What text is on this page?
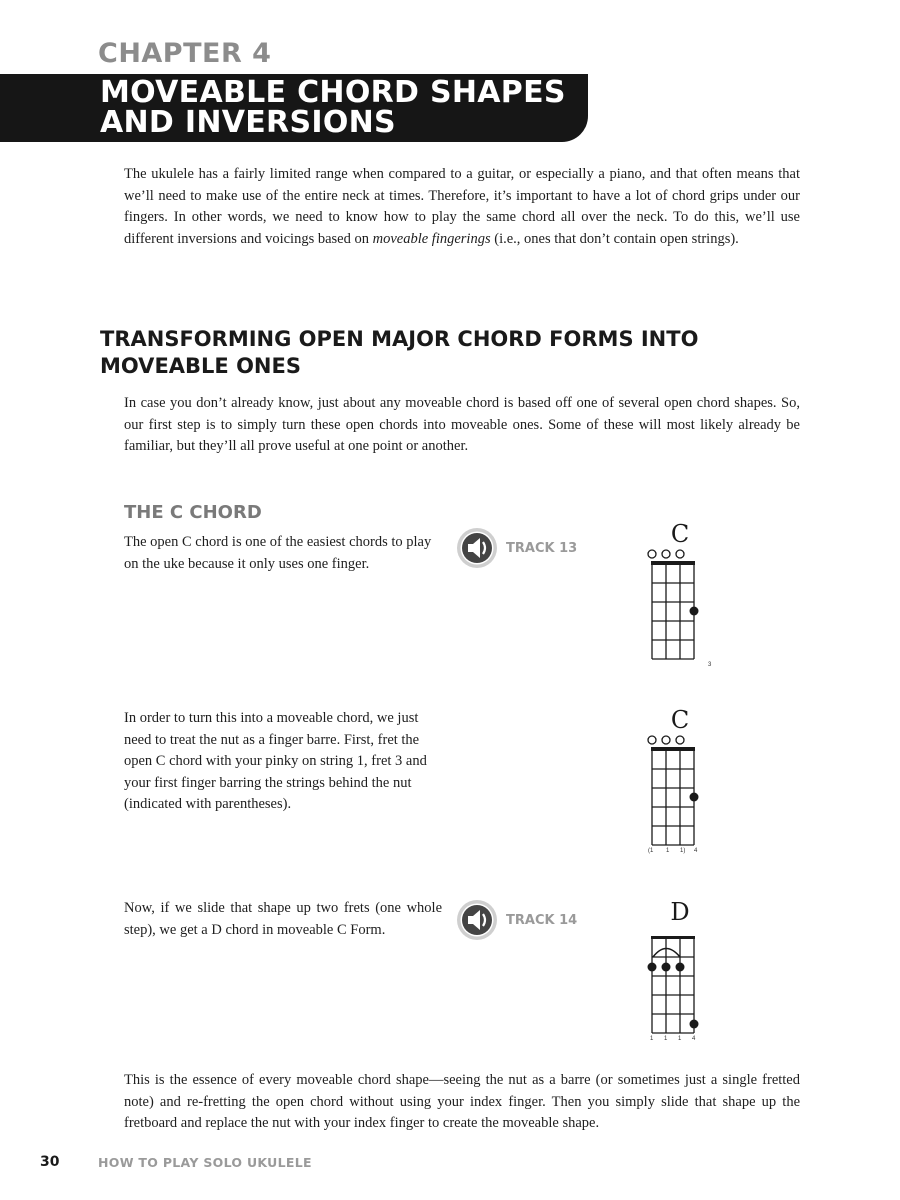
CHAPTER 4
MOVEABLE CHORD SHAPES AND INVERSIONS
The ukulele has a fairly limited range when compared to a guitar, or especially a piano, and that often means that we’ll need to make use of the entire neck at times. Therefore, it’s important to have a lot of chord grips under our fingers. In other words, we need to know how to play the same chord all over the neck. To do this, we’ll use different inversions and voicings based on moveable fingerings (i.e., ones that don’t contain open strings).
TRANSFORMING OPEN MAJOR CHORD FORMS INTO MOVEABLE ONES
In case you don’t already know, just about any moveable chord is based off one of several open chord shapes. So, our first step is to simply turn these open chords into moveable ones. Some of these will most likely already be familiar, but they’ll all prove useful at one point or another.
THE C CHORD
The open C chord is one of the easiest chords to play on the uke because it only uses one finger.
TRACK 13	C
3
In order to turn this into a moveable chord, we just need to treat the nut as a finger barre. First, fret the open C chord with your pinky on string 1, fret 3 and your first finger barring the strings behind the nut (indicated with parentheses).
C
(1 1 1) 4
Now, if we slide that shape up two frets (one whole step), we get a D chord in moveable C Form.
TRACK 14	D
1 1 1 4
This is the essence of every moveable chord shape—seeing the nut as a barre (or sometimes just a single fretted note) and re-fretting the open chord without using your index finger. Then you simply slide that shape up the fretboard and replace the nut with your index finger to create the moveable shape.
30	HOW TO PLAY SOLO UKULELE
